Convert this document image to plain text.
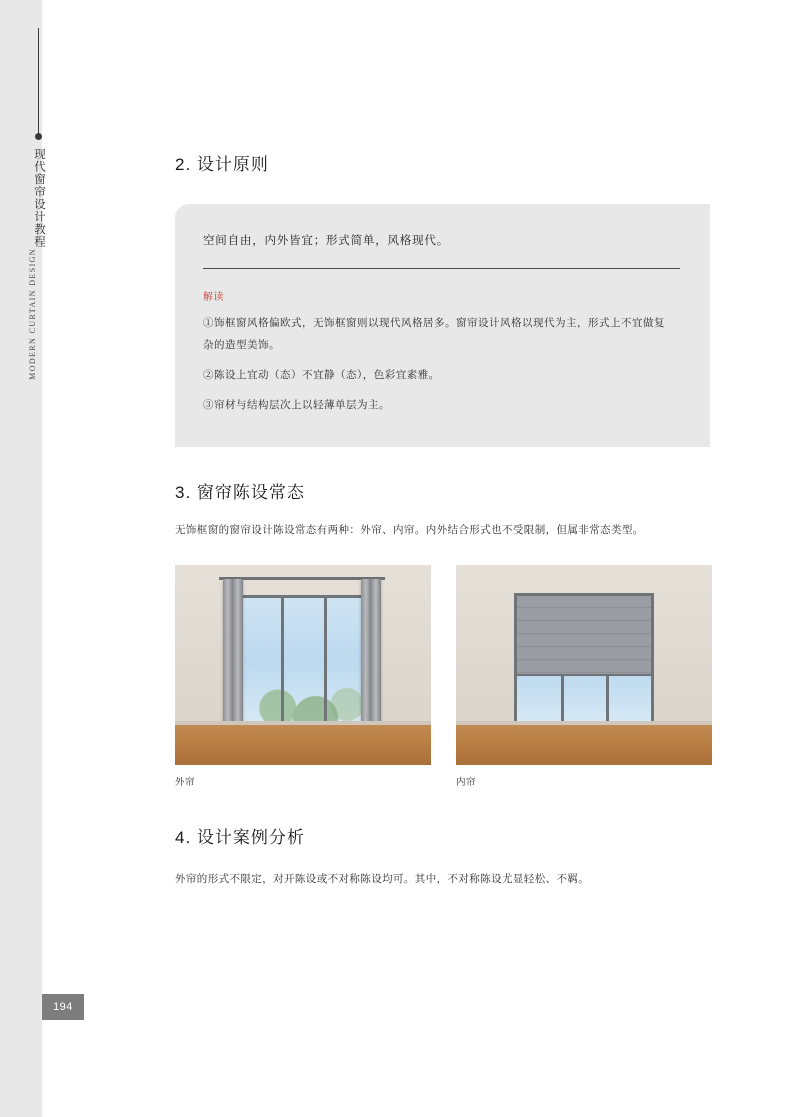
现代窗帘设计教程
MODERN CURTAIN DESIGN
194
2. 设计原则
空间自由，内外皆宜；形式简单，风格现代。
解读

①饰框窗风格偏欧式，无饰框窗则以现代风格居多。窗帘设计风格以现代为主，形式上不宜做复杂的造型美饰。

②陈设上宜动（态）不宜静（态），色彩宜素雅。

③帘材与结构层次上以轻薄单层为主。

3. 窗帘陈设常态
无饰框窗的窗帘设计陈设常态有两种：外帘、内帘。内外结合形式也不受限制，但属非常态类型。
外帘	内帘
4. 设计案例分析
外帘的形式不限定，对开陈设或不对称陈设均可。其中，不对称陈设尤显轻松、不羁。
